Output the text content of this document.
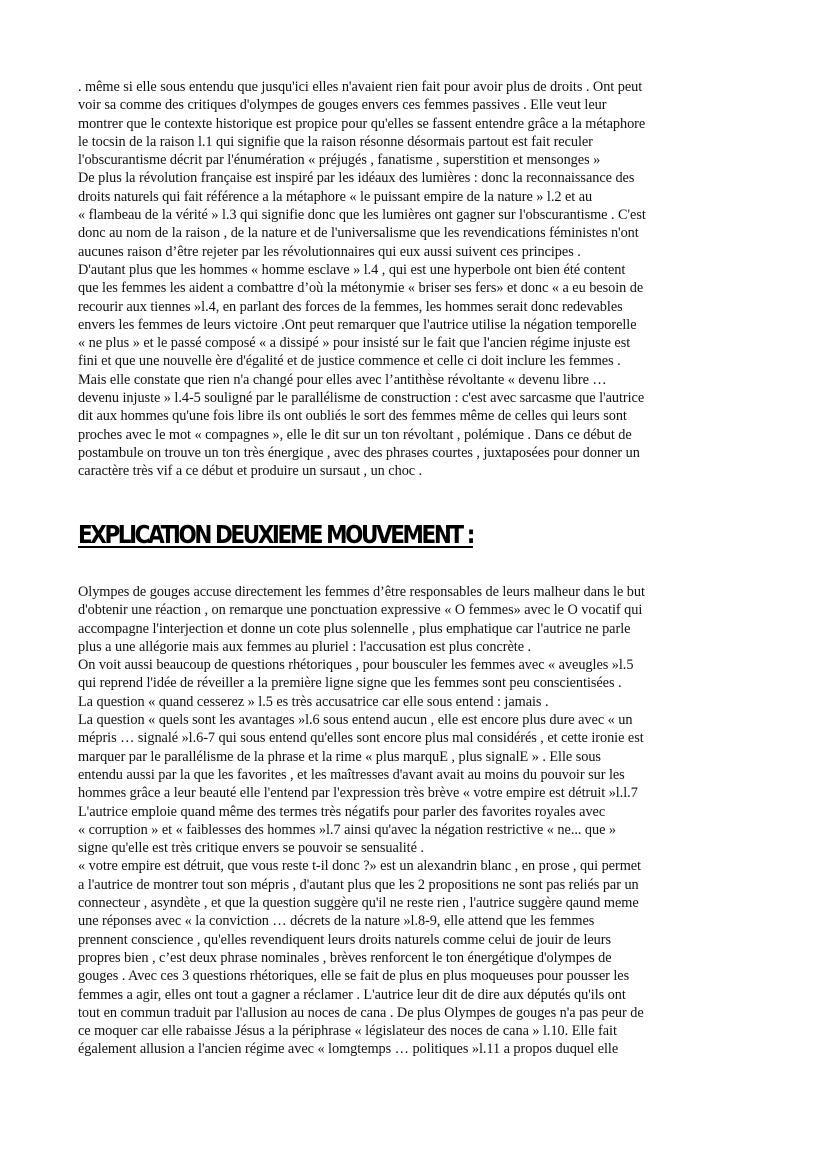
. même si elle sous entendu que jusqu'ici elles n'avaient rien fait pour avoir plus de droits . Ont peut
voir sa comme des critiques d'olympes de gouges envers ces femmes passives . Elle veut leur
montrer que le contexte historique est propice pour qu'elles se fassent entendre grâce a la métaphore
le tocsin de la raison l.1 qui signifie que la raison résonne désormais partout est fait reculer
l'obscurantisme décrit par l'énumération « préjugés , fanatisme , superstition et mensonges »
De plus la révolution française est inspiré par les idéaux des lumières : donc la reconnaissance des
droits naturels qui fait référence a la métaphore « le puissant empire de la nature » l.2 et au
« flambeau de la vérité » l.3 qui signifie donc que les lumières ont gagner sur l'obscurantisme . C'est
donc au nom de la raison , de la nature et de l'universalisme que les revendications féministes n'ont
aucunes raison d’être rejeter par les révolutionnaires qui eux aussi suivent ces principes .
D'autant plus que les hommes « homme esclave » l.4 , qui est une hyperbole ont bien été content
que les femmes les aident a combattre d’où la métonymie « briser ses fers» et donc « a eu besoin de
recourir aux tiennes »l.4, en parlant des forces de la femmes, les hommes serait donc redevables
envers les femmes de leurs victoire .Ont peut remarquer que l'autrice utilise la négation temporelle
« ne plus » et le passé composé « a dissipé » pour insisté sur le fait que l'ancien régime injuste est
fini et que une nouvelle ère d'égalité et de justice commence et celle ci doit inclure les femmes .
Mais elle constate que rien n'a changé pour elles avec l’antithèse révoltante « devenu libre …
devenu injuste » l.4-5 souligné par le parallélisme de construction : c'est avec sarcasme que l'autrice
dit aux hommes qu'une fois libre ils ont oubliés le sort des femmes même de celles qui leurs sont
proches avec le mot « compagnes », elle le dit sur un ton révoltant , polémique . Dans ce début de
postambule on trouve un ton très énergique , avec des phrases courtes , juxtaposées pour donner un
caractère très vif a ce début et produire un sursaut , un choc .
EXPLICATION DEUXIEME MOUVEMENT :
Olympes de gouges accuse directement les femmes d’être responsables de leurs malheur dans le but
d'obtenir une réaction , on remarque une ponctuation expressive « O femmes» avec le O vocatif qui
accompagne l'interjection et donne un cote plus solennelle , plus emphatique car l'autrice ne parle
plus a une allégorie mais aux femmes au pluriel : l'accusation est plus concrète .
On voit aussi beaucoup de questions rhétoriques , pour bousculer les femmes avec « aveugles »l.5
qui reprend l'idée de réveiller a la première ligne signe que les femmes sont peu conscientisées .
La question « quand cesserez » l.5 es très accusatrice car elle sous entend : jamais .
La question « quels sont les avantages »l.6 sous entend aucun , elle est encore plus dure avec « un
mépris … signalé »l.6-7 qui sous entend qu'elles sont encore plus mal considérés , et cette ironie est
marquer par le parallélisme de la phrase et la rime « plus marquE , plus signalE » . Elle sous
entendu aussi par la que les favorites , et les maîtresses d'avant avait au moins du pouvoir sur les
hommes grâce a leur beauté elle l'entend par l'expression très brève « votre empire est détruit »l.l.7
L'autrice emploie quand même des termes très négatifs pour parler des favorites royales avec
« corruption » et « faiblesses des hommes »l.7 ainsi qu'avec la négation restrictive « ne... que »
signe qu'elle est très critique envers se pouvoir se sensualité .
« votre empire est détruit, que vous reste t-il donc ?» est un alexandrin blanc , en prose , qui permet
a l'autrice de montrer tout son mépris , d'autant plus que les 2 propositions ne sont pas reliés par un
connecteur , asyndète , et que la question suggère qu'il ne reste rien , l'autrice suggère qaund meme
une réponses avec « la conviction … décrets de la nature »l.8-9, elle attend que les femmes
prennent conscience , qu'elles revendiquent leurs droits naturels comme celui de jouir de leurs
propres bien , c’est deux phrase nominales , brèves renforcent le ton énergétique d'olympes de
gouges . Avec ces 3 questions rhétoriques, elle se fait de plus en plus moqueuses pour pousser les
femmes a agir, elles ont tout a gagner a réclamer . L'autrice leur dit de dire aux députés qu'ils ont
tout en commun traduit par l'allusion au noces de cana . De plus Olympes de gouges n'a pas peur de
ce moquer car elle rabaisse Jésus a la périphrase « législateur des noces de cana » l.10. Elle fait
également allusion a l'ancien régime avec « lomgtemps … politiques »l.11 a propos duquel elle
